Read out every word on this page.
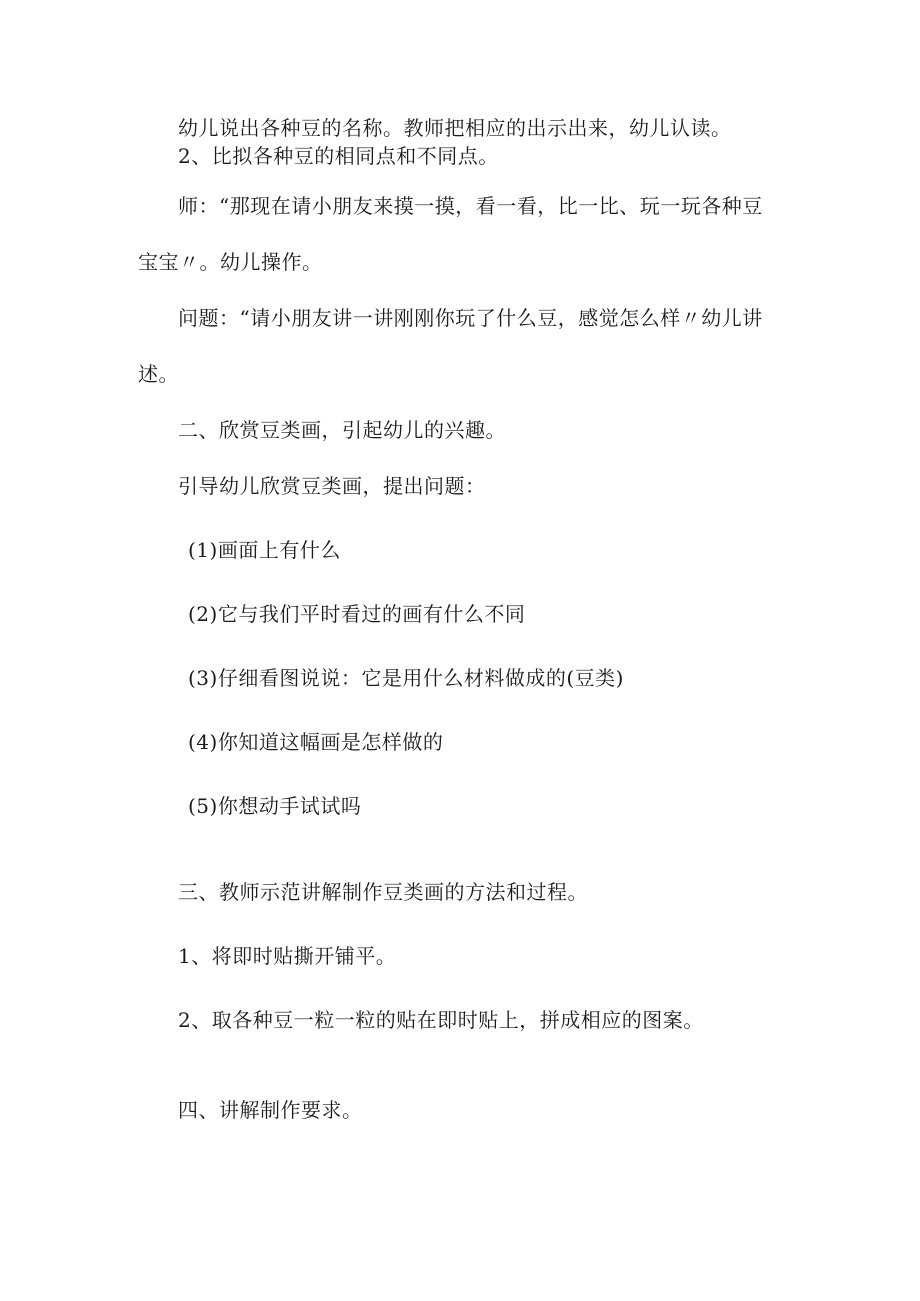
幼儿说出各种豆的名称。教师把相应的出示出来，幼儿认读。
2、比拟各种豆的相同点和不同点。
师：“那现在请小朋友来摸一摸，看一看，比一比、玩一玩各种豆
宝宝〃。幼儿操作。
问题：“请小朋友讲一讲刚刚你玩了什么豆，感觉怎么样〃幼儿讲
述。
二、欣赏豆类画，引起幼儿的兴趣。
引导幼儿欣赏豆类画，提出问题：
(1)画面上有什么
(2)它与我们平时看过的画有什么不同
(3)仔细看图说说：它是用什么材料做成的(豆类)
(4)你知道这幅画是怎样做的
(5)你想动手试试吗
三、教师示范讲解制作豆类画的方法和过程。
1、将即时贴撕开铺平。
2、取各种豆一粒一粒的贴在即时贴上，拼成相应的图案。
四、讲解制作要求。
